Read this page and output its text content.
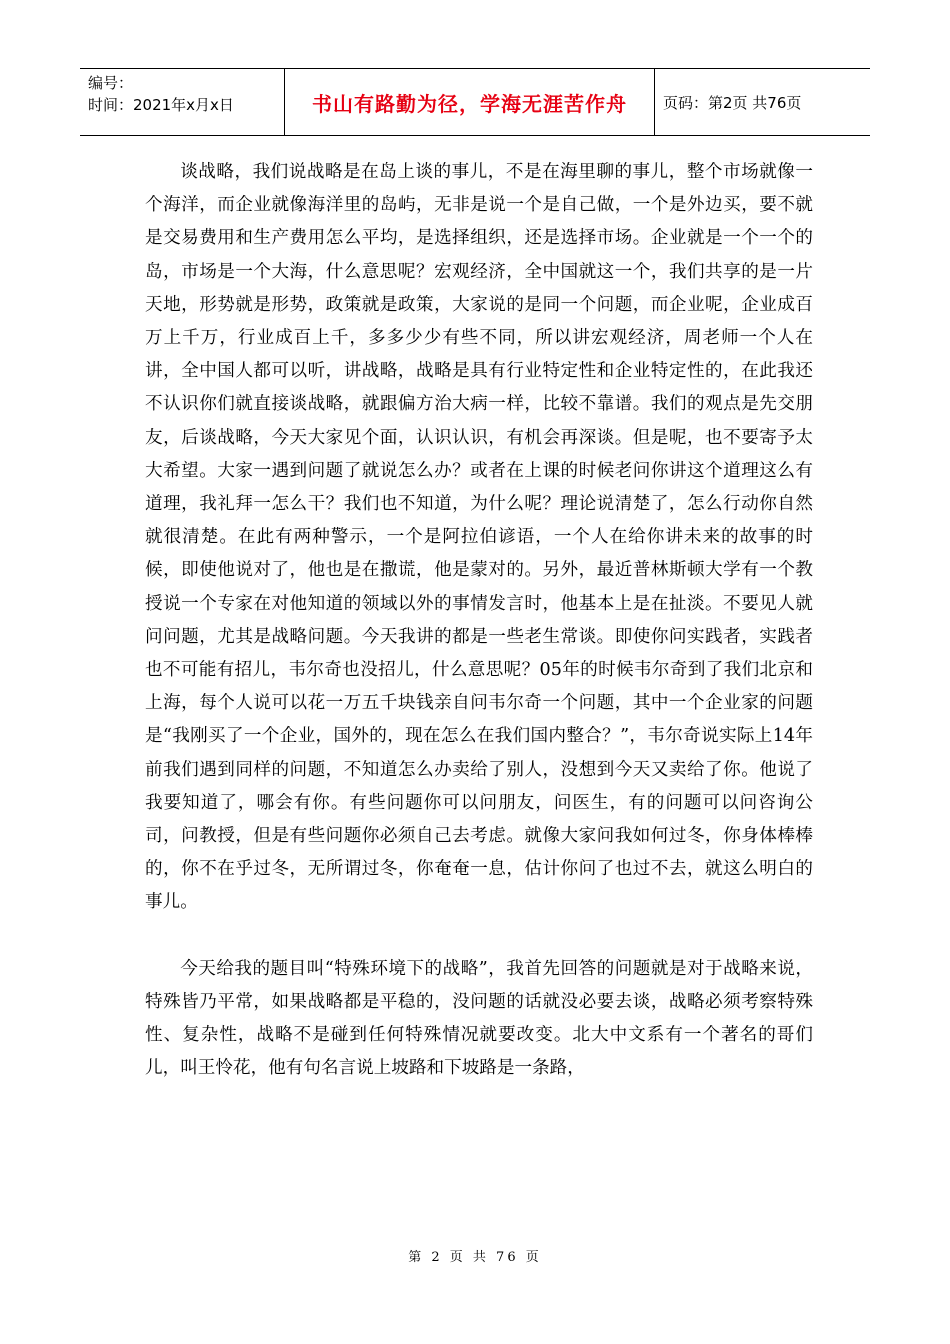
编号：
时间：2021年x月x日	书山有路勤为径，学海无涯苦作舟 页码：第2页 共76页

谈战略，我们说战略是在岛上谈的事儿，不是在海里聊的事儿，整个市场就像一个海洋，而企业就像海洋里的岛屿，无非是说一个是自己做，一个是外边买，要不就是交易费用和生产费用怎么平均，是选择组织，还是选择市场。企业就是一个一个的岛，市场是一个大海，什么意思呢？宏观经济，全中国就这一个，我们共享的是一片天地，形势就是形势，政策就是政策，大家说的是同一个问题，而企业呢，企业成百万上千万，行业成百上千，多多少少有些不同，所以讲宏观经济，周老师一个人在讲，全中国人都可以听，讲战略，战略是具有行业特定性和企业特定性的，在此我还不认识你们就直接谈战略，就跟偏方治大病一样，比较不靠谱。我们的观点是先交朋友，后谈战略，今天大家见个面，认识认识，有机会再深谈。但是呢，也不要寄予太大希望。大家一遇到问题了就说怎么办？或者在上课的时候老问你讲这个道理这么有道理，我礼拜一怎么干？我们也不知道，为什么呢？理论说清楚了，怎么行动你自然就很清楚。在此有两种警示，一个是阿拉伯谚语，一个人在给你讲未来的故事的时候，即使他说对了，他也是在撒谎，他是蒙对的。另外，最近普林斯顿大学有一个教授说一个专家在对他知道的领域以外的事情发言时，他基本上是在扯淡。不要见人就问问题，尤其是战略问题。今天我讲的都是一些老生常谈。即使你问实践者，实践者也不可能有招儿，韦尔奇也没招儿，什么意思呢？05年的时候韦尔奇到了我们北京和上海，每个人说可以花一万五千块钱亲自问韦尔奇一个问题，其中一个企业家的问题是“我刚买了一个企业，国外的，现在怎么在我们国内整合？”，韦尔奇说实际上14年前我们遇到同样的问题，不知道怎么办卖给了别人，没想到今天又卖给了你。他说了我要知道了，哪会有你。有些问题你可以问朋友，问医生，有的问题可以问咨询公司，问教授，但是有些问题你必须自己去考虑。就像大家问我如何过冬，你身体棒棒的，你不在乎过冬，无所谓过冬，你奄奄一息，估计你问了也过不去，就这么明白的事儿。

今天给我的题目叫“特殊环境下的战略”，我首先回答的问题就是对于战略来说，特殊皆乃平常，如果战略都是平稳的，没问题的话就没必要去谈，战略必须考察特殊性、复杂性，战略不是碰到任何特殊情况就要改变。北大中文系有一个著名的哥们儿，叫王怜花，他有句名言说上坡路和下坡路是一条路，

第 2 页 共 76 页
